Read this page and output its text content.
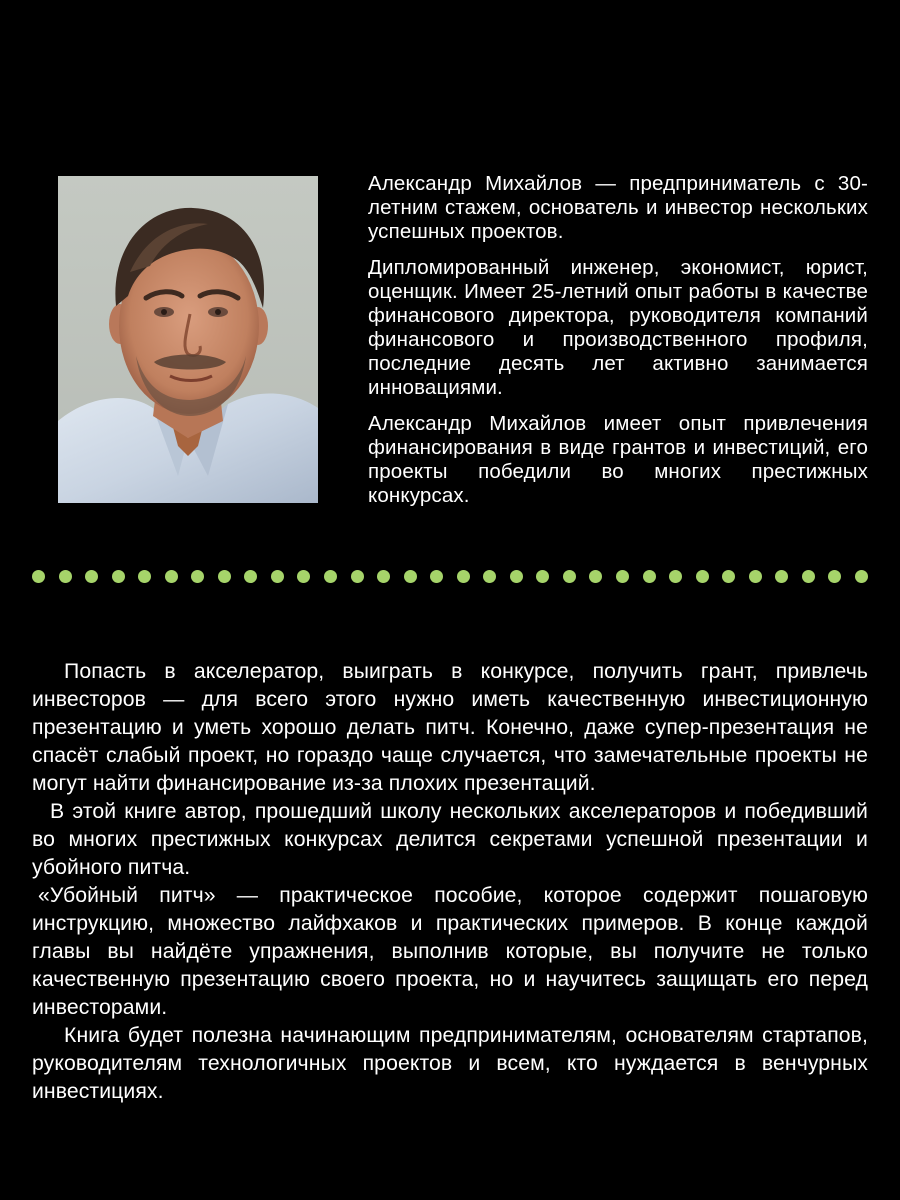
Александр Михайлов — предприниматель с 30-летним стажем, основатель и инвестор нескольких успешных проектов.

Дипломированный инженер, экономист, юрист, оценщик. Имеет 25-летний опыт работы в качестве финансового директора, руководителя компаний финансового и производственного профиля, последние десять лет активно занимается инновациями.

Александр Михайлов имеет опыт привлечения финансирования в виде грантов и инвестиций, его проекты победили во многих престижных конкурсах.

Попасть в акселератор, выиграть в конкурсе, получить грант, привлечь инвесторов — для всего этого нужно иметь качественную инвестиционную презентацию и уметь хорошо делать питч. Конечно, даже супер-презентация не спасёт слабый проект, но гораздо чаще случается, что замечательные проекты не могут найти финансирование из-за плохих презентаций.

В этой книге автор, прошедший школу нескольких акселераторов и победивший во многих престижных конкурсах делится секретами успешной презентации и убойного питча.

«Убойный питч» — практическое пособие, которое содержит пошаговую инструкцию, множество лайфхаков и практических примеров. В конце каждой главы вы найдёте упражнения, выполнив которые, вы получите не только качественную презентацию своего проекта, но и научитесь защищать его перед инвесторами.

Книга будет полезна начинающим предпринимателям, основателям стартапов, руководителям технологичных проектов и всем, кто нуждается в венчурных инвестициях.
